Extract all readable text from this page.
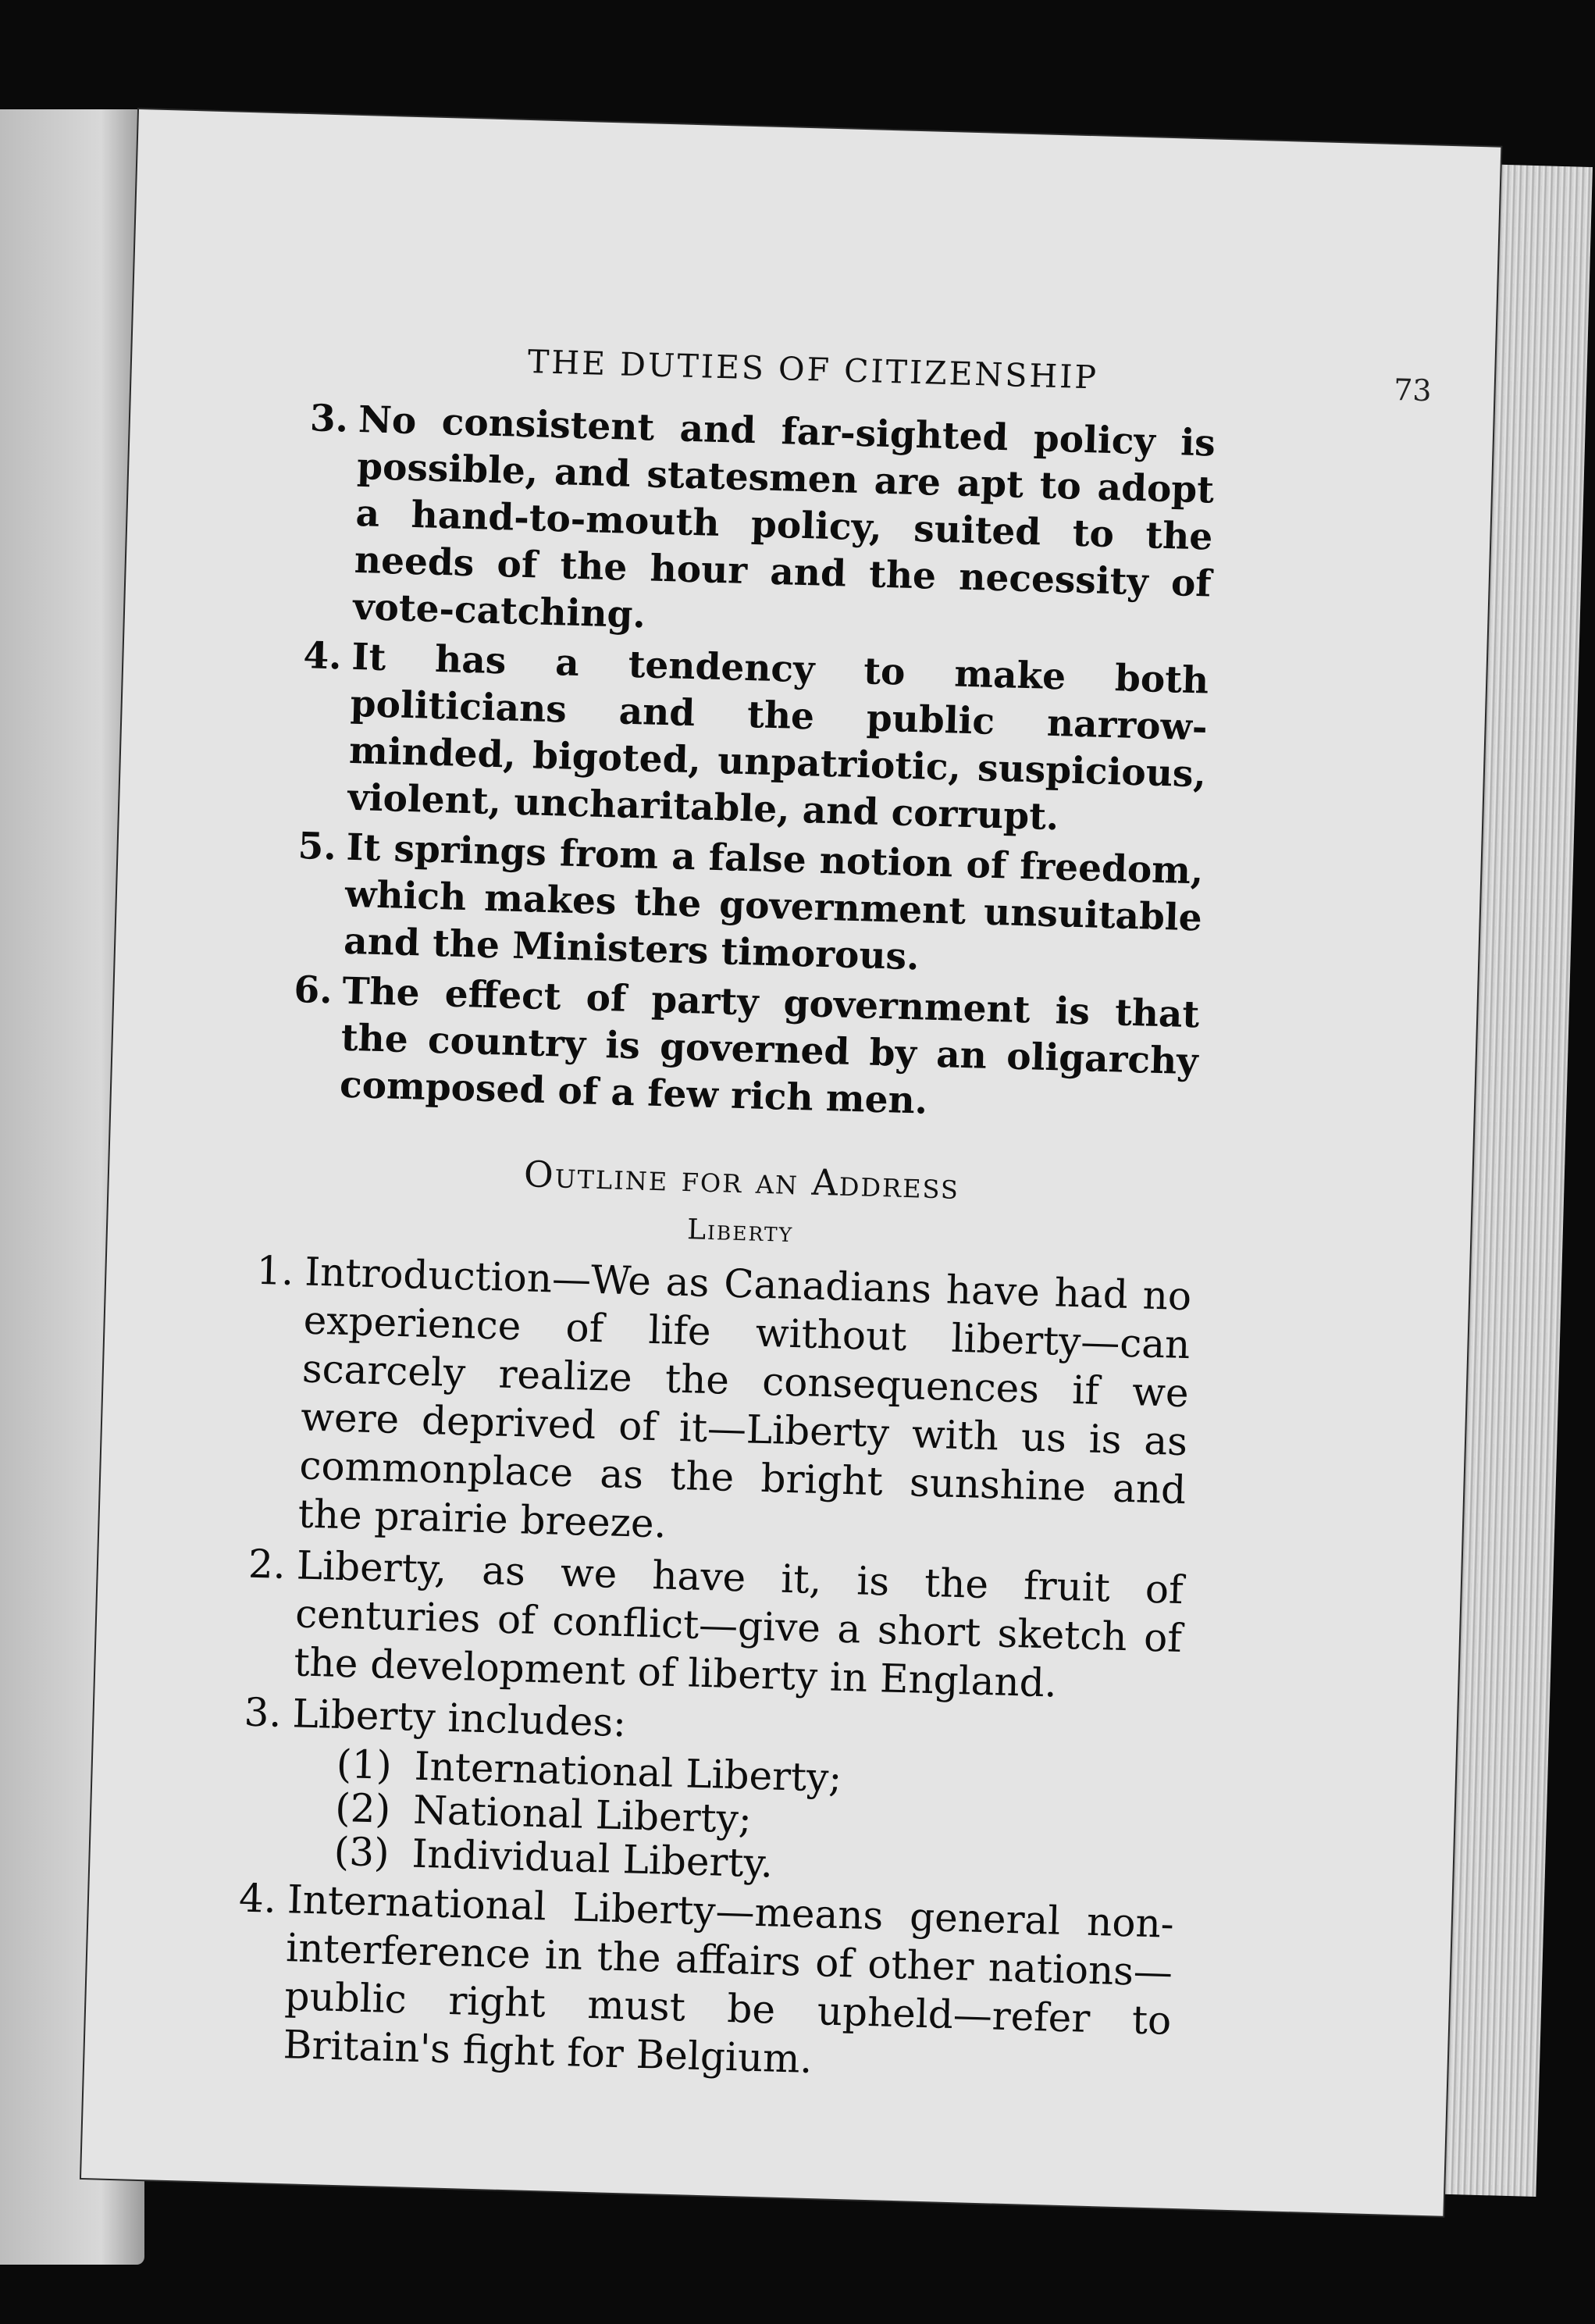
THE DUTIES OF CITIZENSHIP	73
3. No consistent and far-sighted policy is possible, and statesmen are apt to adopt a hand-to-mouth policy, suited to the needs of the hour and the necessity of vote-catching.
4. It has a tendency to make both politicians and the public narrow-minded, bigoted, unpatriotic, suspicious, violent, uncharitable, and corrupt.
5. It springs from a false notion of freedom, which makes the government unsuitable and the Ministers timorous.
6. The effect of party government is that the country is governed by an oligarchy composed of a few rich men.
Outline for an Address
Liberty
1. Introduction—We as Canadians have had no experience of life without liberty—can scarcely realize the consequences if we were deprived of it—Liberty with us is as commonplace as the bright sunshine and the prairie breeze.
2. Liberty, as we have it, is the fruit of centuries of conflict—give a short sketch of the development of liberty in England.
3. Liberty includes:
(1) International Liberty;
(2) National Liberty;
(3) Individual Liberty.
4. International Liberty—means general non-interference in the affairs of other nations—public right must be upheld—refer to Britain's fight for Belgium.
